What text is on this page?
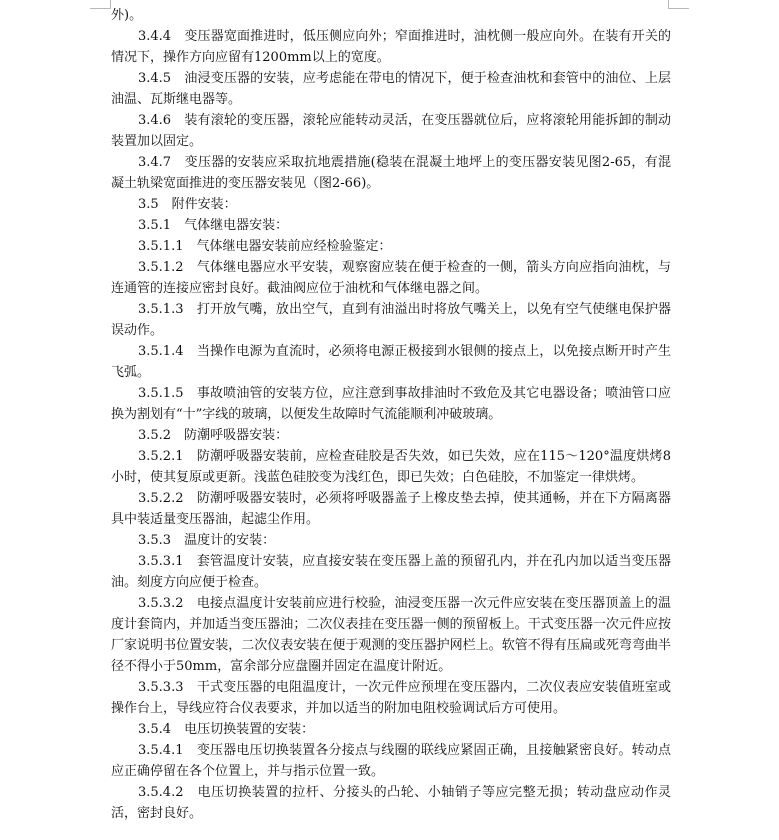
外)。

3.4.4　变压器宽面推进时，低压侧应向外；窄面推进时，油枕侧一般应向外。在装有开关的情况下，操作方向应留有1200mm以上的宽度。

3.4.5　油浸变压器的安装，应考虑能在带电的情况下，便于检查油枕和套管中的油位、上层油温、瓦斯继电器等。

3.4.6　装有滚轮的变压器，滚轮应能转动灵活，在变压器就位后，应将滚轮用能拆卸的制动装置加以固定。

3.4.7　变压器的安装应采取抗地震措施(稳装在混凝土地坪上的变压器安装见图2-65，有混凝土轨梁宽面推进的变压器安装见（图2-66)。

3.5　附件安装：

3.5.1　气体继电器安装：

3.5.1.1　气体继电器安装前应经检验鉴定：

3.5.1.2　气体继电器应水平安装，观察窗应装在便于检查的一侧，箭头方向应指向油枕，与连通管的连接应密封良好。截油阀应位于油枕和气体继电器之间。

3.5.1.3　打开放气嘴，放出空气，直到有油溢出时将放气嘴关上，以免有空气使继电保护器误动作。

3.5.1.4　当操作电源为直流时，必须将电源正极接到水银侧的接点上，以免接点断开时产生飞弧。

3.5.1.5　事故喷油管的安装方位，应注意到事故排油时不致危及其它电器设备；喷油管口应换为割划有“十”字线的玻璃，以便发生故障时气流能顺利冲破玻璃。

3.5.2　防潮呼吸器安装：

3.5.2.1　防潮呼吸器安装前，应检查硅胶是否失效，如已失效，应在115～120°温度烘烤8小时，使其复原或更新。浅蓝色硅胶变为浅红色，即已失效；白色硅胶，不加鉴定一律烘烤。

3.5.2.2　防潮呼吸器安装时，必须将呼吸器盖子上橡皮垫去掉，使其通畅，并在下方隔离器具中装适量变压器油，起滤尘作用。

3.5.3　温度计的安装：

3.5.3.1　套管温度计安装，应直接安装在变压器上盖的预留孔内，并在孔内加以适当变压器油。刻度方向应便于检查。

3.5.3.2　电接点温度计安装前应进行校验，油浸变压器一次元件应安装在变压器顶盖上的温度计套筒内，并加适当变压器油；二次仪表挂在变压器一侧的预留板上。干式变压器一次元件应按厂家说明书位置安装，二次仪表安装在便于观测的变压器护网栏上。软管不得有压扁或死弯弯曲半径不得小于50mm，富余部分应盘圈并固定在温度计附近。

3.5.3.3　干式变压器的电阻温度计，一次元件应预埋在变压器内，二次仪表应安装值班室或操作台上，导线应符合仪表要求，并加以适当的附加电阻校验调试后方可使用。

3.5.4　电压切换装置的安装：

3.5.4.1　变压器电压切换装置各分接点与线圈的联线应紧固正确，且接触紧密良好。转动点应正确停留在各个位置上，并与指示位置一致。

3.5.4.2　电压切换装置的拉杆、分接头的凸轮、小轴销子等应完整无损；转动盘应动作灵活，密封良好。
